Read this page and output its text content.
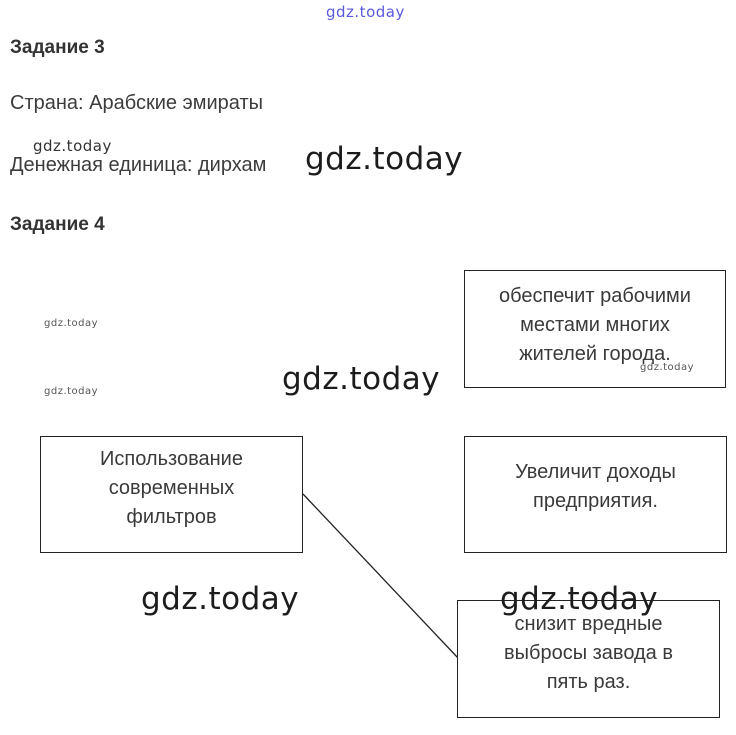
gdz.today
gdz.today
gdz.today
gdz.today
Задание 3
Страна: Арабские эмираты
Денежная единица: дирхам gdz.today
Задание 4
обеспечит рабочими
местами многих
жителей города.
gdz.today
gdz.today
Использование
современных
фильтров
Увеличит доходы
предприятия.
снизит вредные
выбросы завода в
пять раз.
gdz.today	gdz.today
